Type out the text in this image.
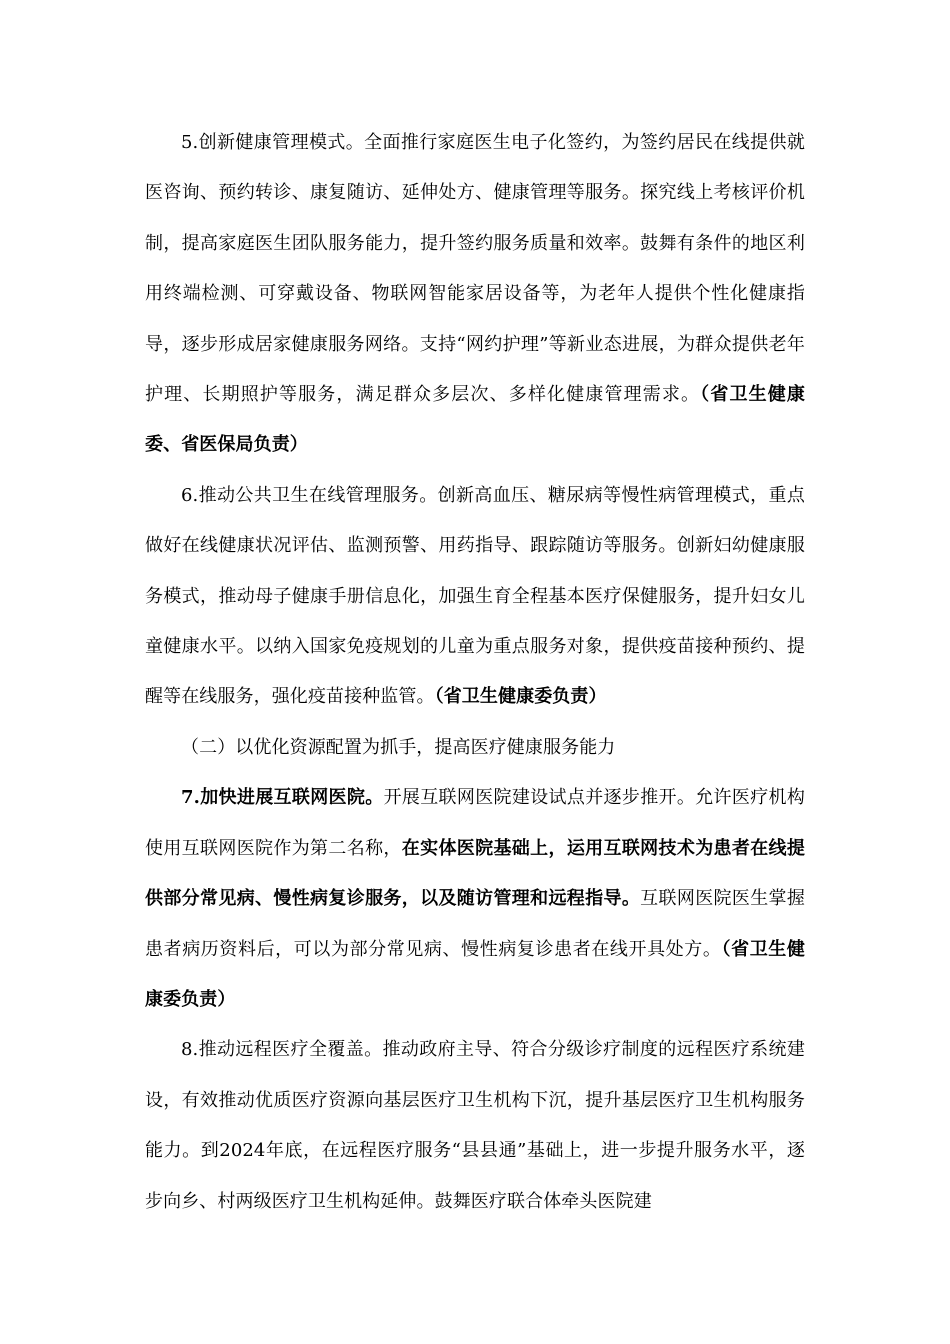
5.创新健康管理模式。全面推行家庭医生电子化签约，为签约居民在线提供就医咨询、预约转诊、康复随访、延伸处方、健康管理等服务。探究线上考核评价机制，提高家庭医生团队服务能力，提升签约服务质量和效率。鼓舞有条件的地区利用终端检测、可穿戴设备、物联网智能家居设备等，为老年人提供个性化健康指导，逐步形成居家健康服务网络。支持“网约护理”等新业态进展，为群众提供老年护理、长期照护等服务，满足群众多层次、多样化健康管理需求。（省卫生健康委、省医保局负责）

6.推动公共卫生在线管理服务。创新高血压、糖尿病等慢性病管理模式，重点做好在线健康状况评估、监测预警、用药指导、跟踪随访等服务。创新妇幼健康服务模式，推动母子健康手册信息化，加强生育全程基本医疗保健服务，提升妇女儿童健康水平。以纳入国家免疫规划的儿童为重点服务对象，提供疫苗接种预约、提醒等在线服务，强化疫苗接种监管。（省卫生健康委负责）

（二）以优化资源配置为抓手，提高医疗健康服务能力

7.加快进展互联网医院。开展互联网医院建设试点并逐步推开。允许医疗机构使用互联网医院作为第二名称，在实体医院基础上，运用互联网技术为患者在线提供部分常见病、慢性病复诊服务，以及随访管理和远程指导。互联网医院医生掌握患者病历资料后，可以为部分常见病、慢性病复诊患者在线开具处方。（省卫生健康委负责）

8.推动远程医疗全覆盖。推动政府主导、符合分级诊疗制度的远程医疗系统建设，有效推动优质医疗资源向基层医疗卫生机构下沉，提升基层医疗卫生机构服务能力。到2024年底，在远程医疗服务“县县通”基础上，进一步提升服务水平，逐步向乡、村两级医疗卫生机构延伸。鼓舞医疗联合体牵头医院建
